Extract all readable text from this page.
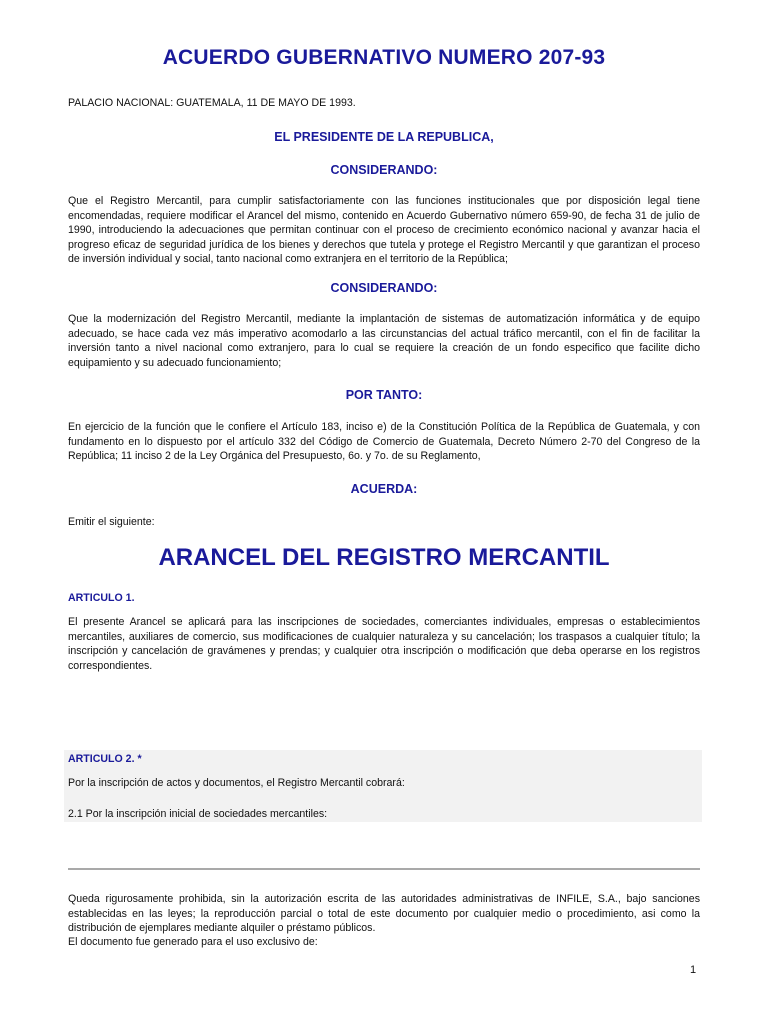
ACUERDO GUBERNATIVO NUMERO 207-93

PALACIO NACIONAL: GUATEMALA, 11 DE MAYO DE 1993.

EL PRESIDENTE DE LA REPUBLICA,
CONSIDERANDO:

Que el Registro Mercantil, para cumplir satisfactoriamente con las funciones institucionales que por disposición legal tiene encomendadas, requiere modificar el Arancel del mismo, contenido en Acuerdo Gubernativo número 659-90, de fecha 31 de julio de 1990, introduciendo la adecuaciones que permitan continuar con el proceso de crecimiento económico nacional y avanzar hacia el progreso eficaz de seguridad jurídica de los bienes y derechos que tutela y protege el Registro Mercantil y que garantizan el proceso de inversión individual y social, tanto nacional como extranjera en el territorio de la República;

CONSIDERANDO:

Que la modernización del Registro Mercantil, mediante la implantación de sistemas de automatización informática y de equipo adecuado, se hace cada vez más imperativo acomodarlo a las circunstancias del actual tráfico mercantil, con el fin de facilitar la inversión tanto a nivel nacional como extranjero, para lo cual se requiere la creación de un fondo especifico que facilite dicho equipamiento y su adecuado funcionamiento;

POR TANTO:

En ejercicio de la función que le confiere el Artículo 183, inciso e) de la Constitución Política de la República de Guatemala, y con fundamento en lo dispuesto por el artículo 332 del Código de Comercio de Guatemala, Decreto Número 2-70 del Congreso de la República; 11 inciso 2 de la Ley Orgánica del Presupuesto, 6o. y 7o. de su Reglamento,

ACUERDA:

Emitir el siguiente:

ARANCEL DEL REGISTRO MERCANTIL

ARTICULO 1.

El presente Arancel se aplicará para las inscripciones de sociedades, comerciantes individuales, empresas o establecimientos mercantiles, auxiliares de comercio, sus modificaciones de cualquier naturaleza y su cancelación; los traspasos a cualquier título; la inscripción y cancelación de gravámenes y prendas; y cualquier otra inscripción o modificación que deba operarse en los registros correspondientes.

ARTICULO 2. *

Por la inscripción de actos y documentos, el Registro Mercantil cobrará:

2.1 Por la inscripción inicial de sociedades mercantiles:

Queda rigurosamente prohibida, sin la autorización escrita de las autoridades administrativas de INFILE, S.A., bajo sanciones establecidas en las leyes; la reproducción parcial o total de este documento por cualquier medio o procedimiento, asi como la distribución de ejemplares mediante alquiler o préstamo públicos.

El documento fue generado para el uso exclusivo de:

1
